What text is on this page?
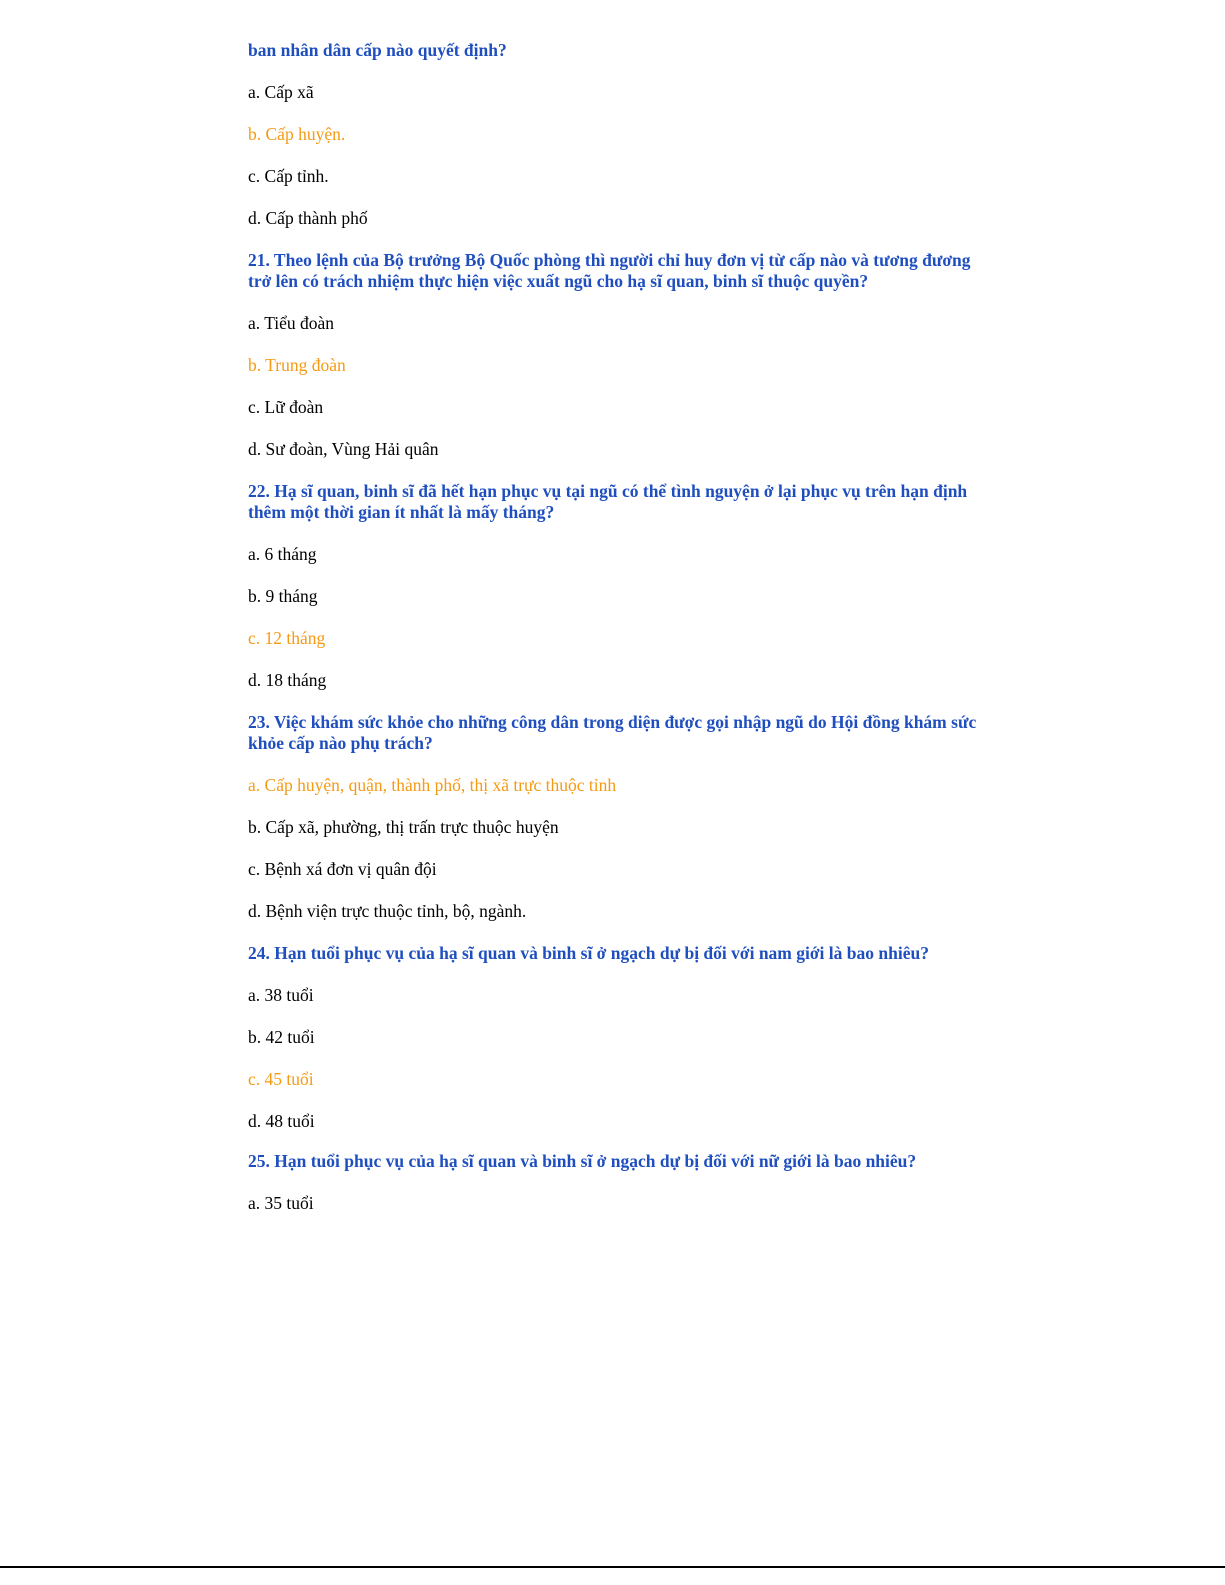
ban nhân dân cấp nào quyết định?

a. Cấp xã

b. Cấp huyện.

c. Cấp tỉnh.

d. Cấp thành phố

21. Theo lệnh của Bộ trưởng Bộ Quốc phòng thì người chỉ huy đơn vị từ cấp nào và tương đương

trở lên có trách nhiệm thực hiện việc xuất ngũ cho hạ sĩ quan, binh sĩ thuộc quyền?

a. Tiểu đoàn

b. Trung đoàn

c. Lữ đoàn

d. Sư đoàn, Vùng Hải quân

22. Hạ sĩ quan, binh sĩ đã hết hạn phục vụ tại ngũ có thể tình nguyện ở lại phục vụ trên hạn định

thêm một thời gian ít nhất là mấy tháng?

a. 6 tháng

b. 9 tháng

c. 12 tháng

d. 18 tháng

23. Việc khám sức khỏe cho những công dân trong diện được gọi nhập ngũ do Hội đồng khám sức

khỏe cấp nào phụ trách?

a. Cấp huyện, quận, thành phố, thị xã trực thuộc tỉnh

b. Cấp xã, phường, thị trấn trực thuộc huyện

c. Bệnh xá đơn vị quân đội

d. Bệnh viện trực thuộc tỉnh, bộ, ngành.

24. Hạn tuổi phục vụ của hạ sĩ quan và binh sĩ ở ngạch dự bị đối với nam giới là bao nhiêu?

a. 38 tuổi

b. 42 tuổi

c. 45 tuổi

d. 48 tuổi

25. Hạn tuổi phục vụ của hạ sĩ quan và binh sĩ ở ngạch dự bị đối với nữ giới là bao nhiêu?

a. 35 tuổi
